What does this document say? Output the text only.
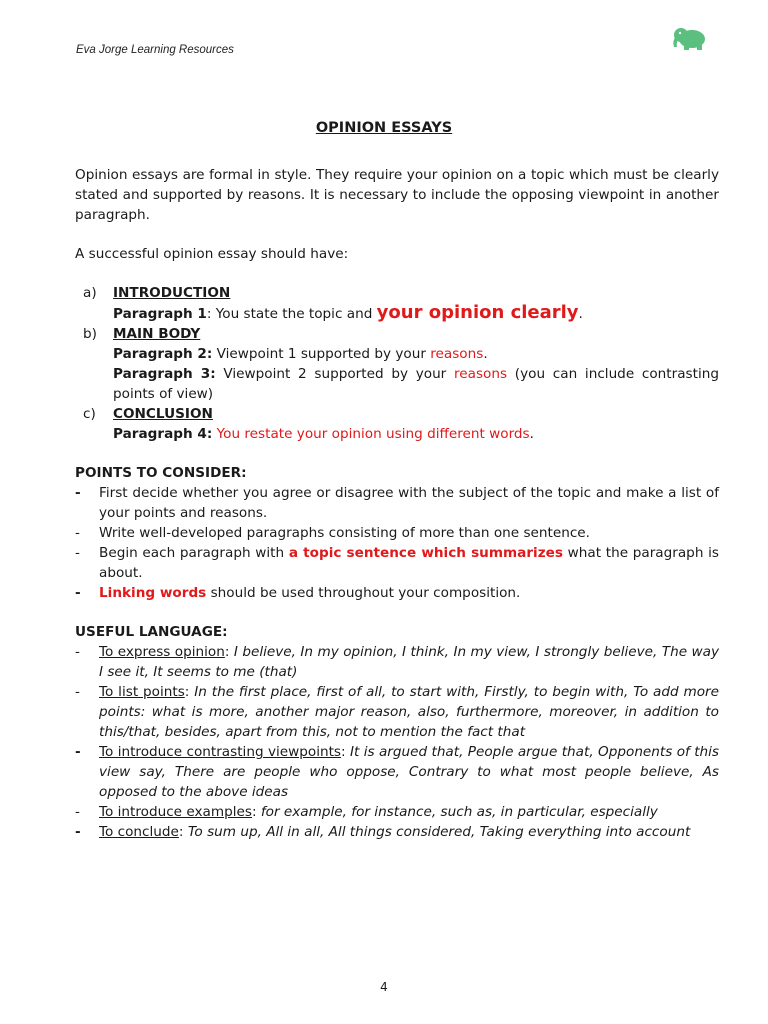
Eva Jorge Learning Resources
OPINION ESSAYS

Opinion essays are formal in style. They require your opinion on a topic which must be clearly stated and supported by reasons. It is necessary to include the opposing viewpoint in another paragraph.

A successful opinion essay should have:

a)	INTRODUCTION
Paragraph 1: You state the topic and your opinion clearly.
b)	MAIN BODY
Paragraph 2: Viewpoint 1 supported by your reasons.
Paragraph 3: Viewpoint 2 supported by your reasons (you can include contrasting points of view)
c)	CONCLUSION
Paragraph 4: You restate your opinion using different words.

POINTS TO CONSIDER:

-	First decide whether you agree or disagree with the subject of the topic and make a list of your points and reasons.
-	Write well-developed paragraphs consisting of more than one sentence.
-	Begin each paragraph with a topic sentence which summarizes what the paragraph is about.
-	Linking words should be used throughout your composition.

USEFUL LANGUAGE:

-	To express opinion: I believe, In my opinion, I think, In my view, I strongly believe, The way I see it, It seems to me (that)
-	To list points: In the first place, first of all, to start with, Firstly, to begin with, To add more points: what is more, another major reason, also, furthermore, moreover, in addition to this/that, besides, apart from this, not to mention the fact that
-	To introduce contrasting viewpoints: It is argued that, People argue that, Opponents of this view say, There are people who oppose, Contrary to what most people believe, As opposed to the above ideas
-	To introduce examples: for example, for instance, such as, in particular, especially
-	To conclude: To sum up, All in all, All things considered, Taking everything into account
4
